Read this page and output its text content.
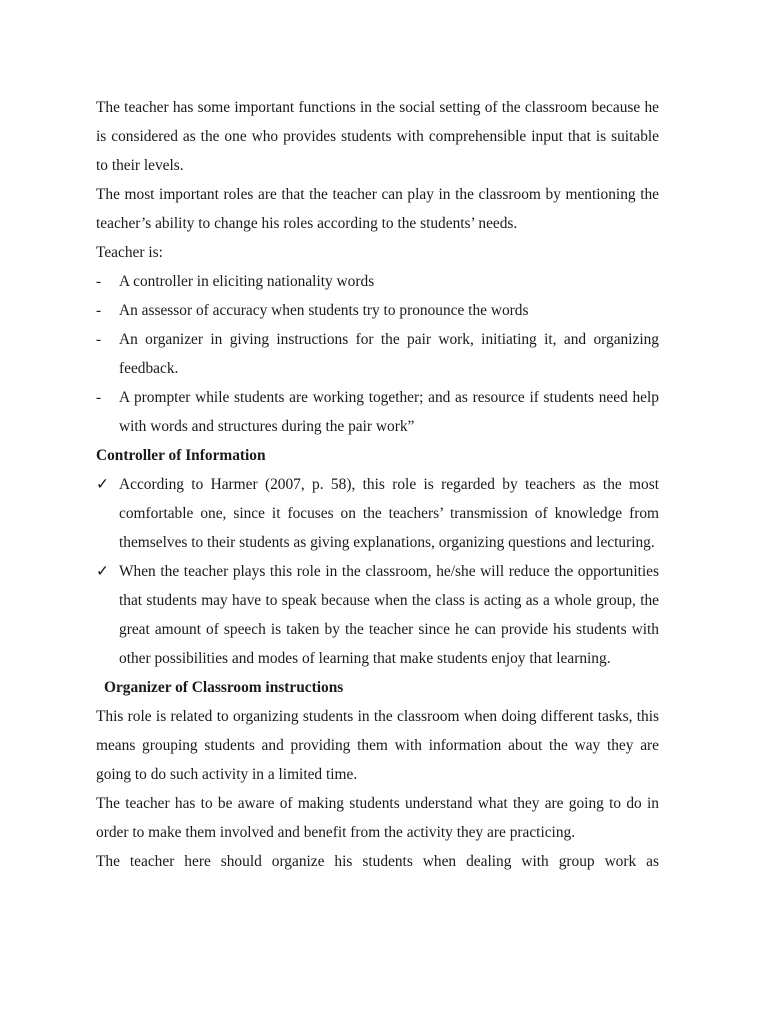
The teacher has some important functions in the social setting of the classroom because he is considered as the one who provides students with comprehensible input that is suitable to their levels.

The most important roles are that the teacher can play in the classroom by mentioning the teacher’s ability to change his roles according to the students’ needs.

Teacher is:

-	A controller in eliciting nationality words
-	An assessor of accuracy when students try to pronounce the words
-	An organizer in giving instructions for the pair work, initiating it, and organizing feedback.
-	A prompter while students are working together; and as resource if students need help with words and structures during the pair work”

Controller of Information

✓ According to Harmer (2007, p. 58), this role is regarded by teachers as the most comfortable one, since it focuses on the teachers’ transmission of knowledge from themselves to their students as giving explanations, organizing questions and lecturing.
✓ When the teacher plays this role in the classroom, he/she will reduce the opportunities that students may have to speak because when the class is acting as a whole group, the great amount of speech is taken by the teacher since he can provide his students with other possibilities and modes of learning that make students enjoy that learning.

Organizer of Classroom instructions

This role is related to organizing students in the classroom when doing different tasks, this means grouping students and providing them with information about the way they are going to do such activity in a limited time.

The teacher has to be aware of making students understand what they are going to do in order to make them involved and benefit from the activity they are practicing.

The teacher here should organize his students when dealing with group work as
